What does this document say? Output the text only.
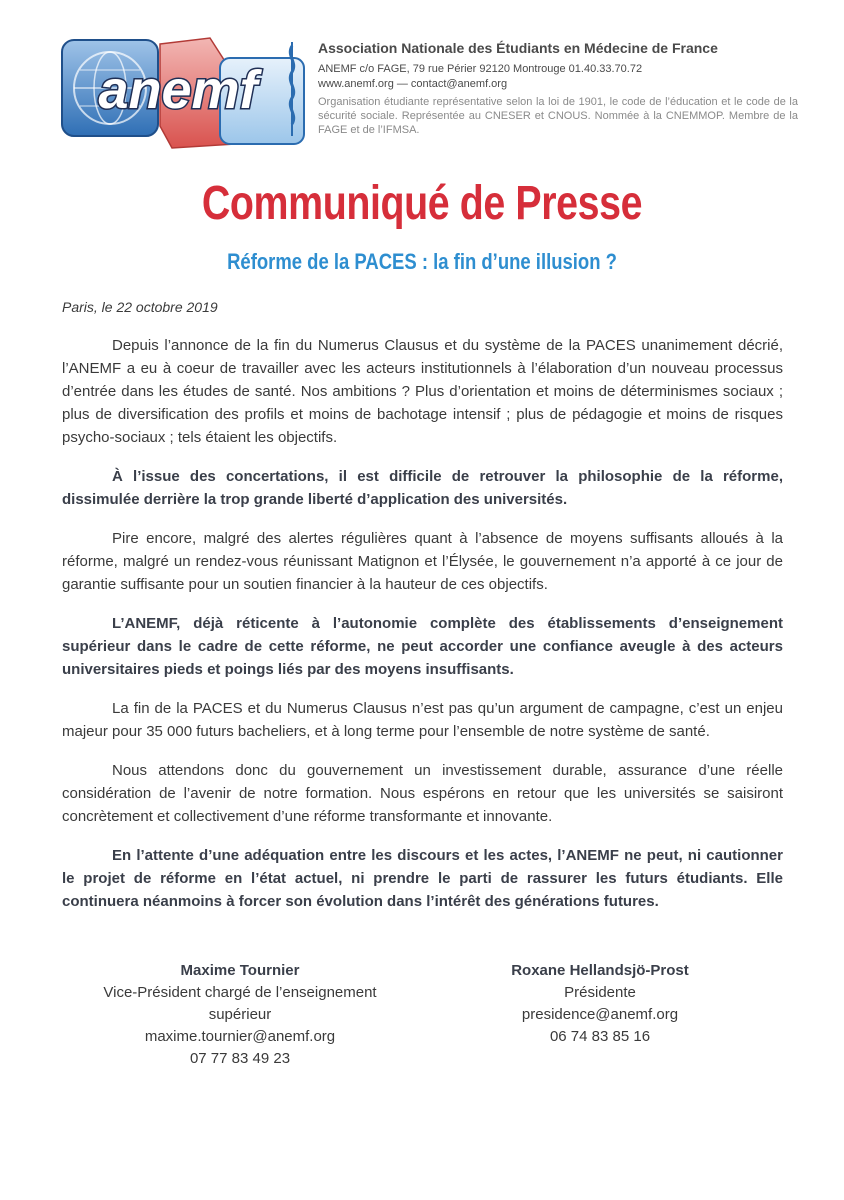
anemf
Association Nationale des Étudiants en Médecine de France
ANEMF c/o FAGE, 79 rue Périer 92120 Montrouge 01.40.33.70.72
www.anemf.org — contact@anemf.org
Organisation étudiante représentative selon la loi de 1901, le code de l’éducation et le code de la sécurité sociale. Représentée au CNESER et CNOUS. Nommée à la CNEMMOP. Membre de la FAGE et de l’IFMSA.
Communiqué de Presse
Réforme de la PACES : la fin d’une illusion ?
Paris, le 22 octobre 2019

Depuis l’annonce de la fin du Numerus Clausus et du système de la PACES unanimement décrié, l’ANEMF a eu à coeur de travailler avec les acteurs institutionnels à l’élaboration d’un nouveau processus d’entrée dans les études de santé. Nos ambitions ? Plus d’orientation et moins de déterminismes sociaux ; plus de diversification des profils et moins de bachotage intensif ; plus de pédagogie et moins de risques psycho-sociaux ; tels étaient les objectifs.

À l’issue des concertations, il est difficile de retrouver la philosophie de la réforme, dissimulée derrière la trop grande liberté d’application des universités.

Pire encore, malgré des alertes régulières quant à l’absence de moyens suffisants alloués à la réforme, malgré un rendez-vous réunissant Matignon et l’Élysée, le gouvernement n’a apporté à ce jour de garantie suffisante pour un soutien financier à la hauteur de ces objectifs.

L’ANEMF, déjà réticente à l’autonomie complète des établissements d’enseignement supérieur dans le cadre de cette réforme, ne peut accorder une confiance aveugle à des acteurs universitaires pieds et poings liés par des moyens insuffisants.

La fin de la PACES et du Numerus Clausus n’est pas qu’un argument de campagne, c’est un enjeu majeur pour 35 000 futurs bacheliers, et à long terme pour l’ensemble de notre système de santé.

Nous attendons donc du gouvernement un investissement durable, assurance d’une réelle considération de l’avenir de notre formation. Nous espérons en retour que les universités se saisiront concrètement et collectivement d’une réforme transformante et innovante.

En l’attente d’une adéquation entre les discours et les actes, l’ANEMF ne peut, ni cautionner le projet de réforme en l’état actuel, ni prendre le parti de rassurer les futurs étudiants. Elle continuera néanmoins à forcer son évolution dans l’intérêt des générations futures.

Maxime Tournier
Vice-Président chargé de l’enseignement supérieur
maxime.tournier@anemf.org
07 77 83 49 23
Roxane Hellandsjö-Prost
Présidente
presidence@anemf.org
06 74 83 85 16
